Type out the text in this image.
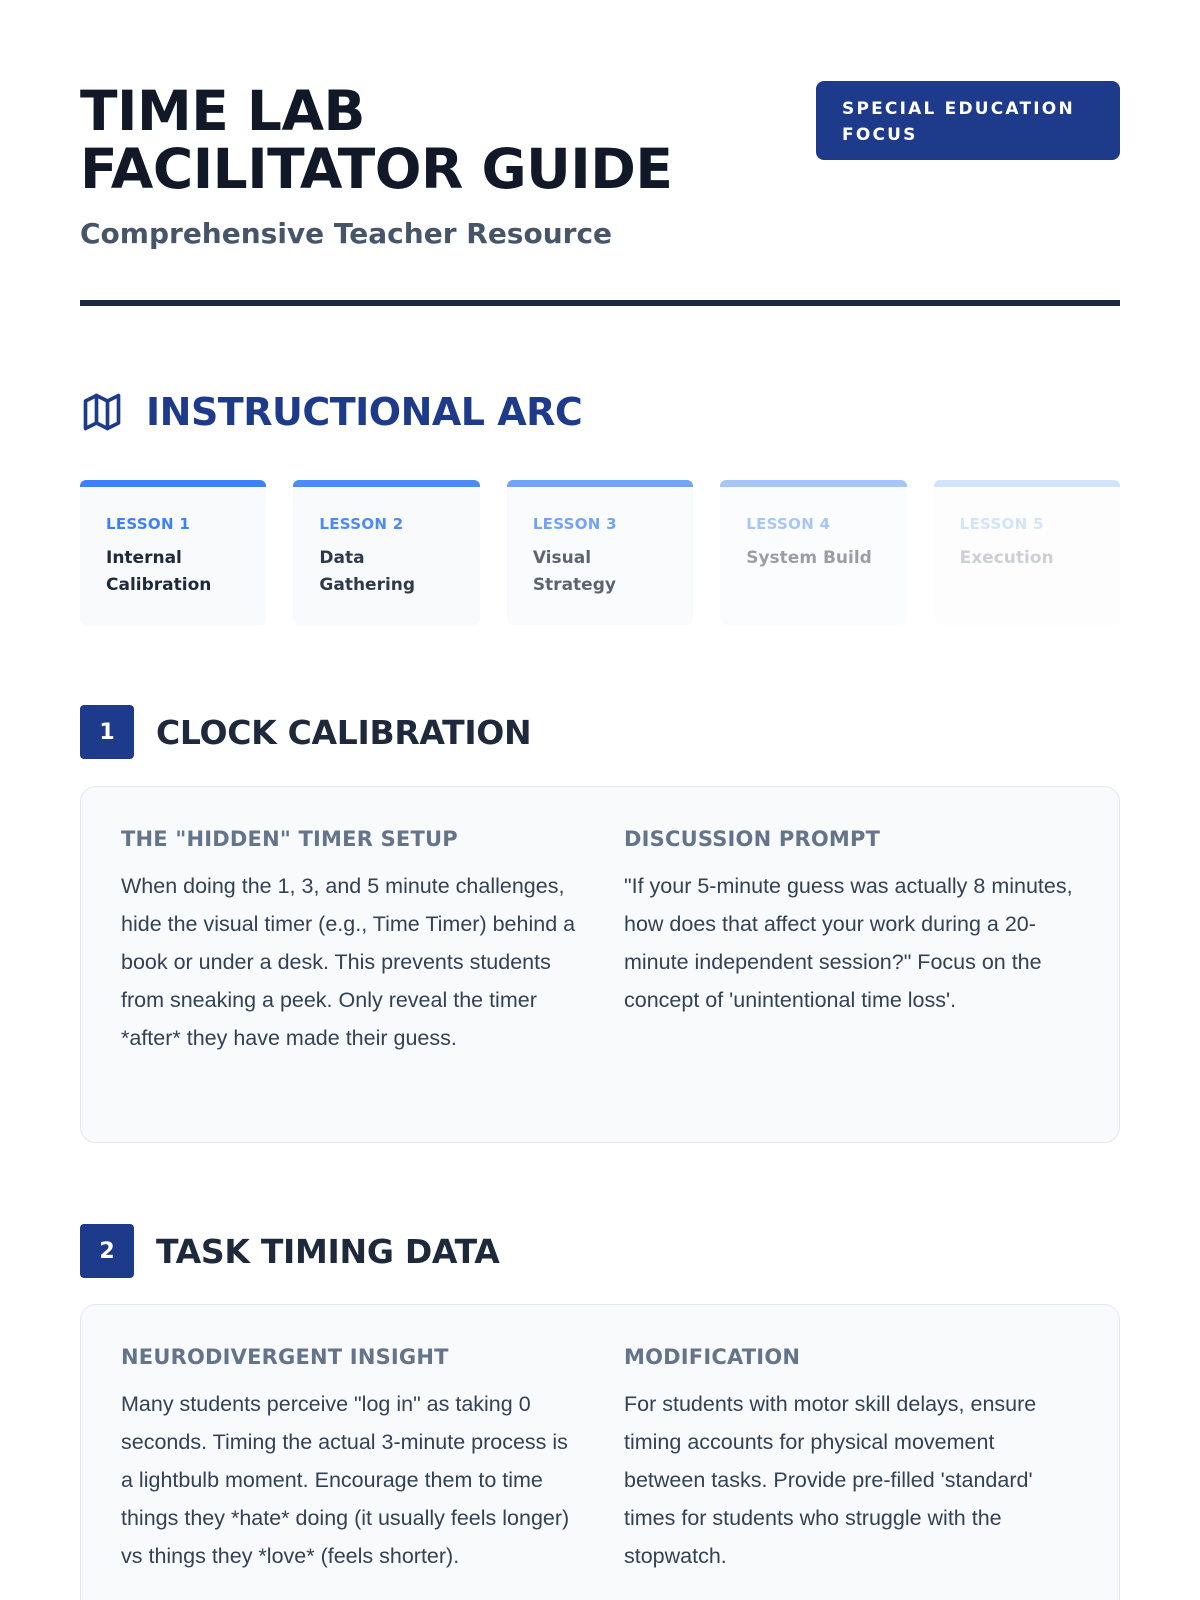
TIME LAB
FACILITATOR GUIDE
Comprehensive Teacher Resource
SPECIAL EDUCATION
FOCUS
INSTRUCTIONAL ARC
LESSON 1
Internal
Calibration
LESSON 2
Data
Gathering
LESSON 3
Visual
Strategy
LESSON 4
System Build
LESSON 5
Execution
1	CLOCK CALIBRATION
THE "HIDDEN" TIMER SETUP

When doing the 1, 3, and 5 minute challenges, hide the visual timer (e.g., Time Timer) behind a book or under a desk. This prevents students from sneaking a peek. Only reveal the timer *after* they have made their guess.

DISCUSSION PROMPT

"If your 5-minute guess was actually 8 minutes, how does that affect your work during a 20-minute independent session?" Focus on the concept of 'unintentional time loss'.

2	TASK TIMING DATA
NEURODIVERGENT INSIGHT

Many students perceive "log in" as taking 0 seconds. Timing the actual 3-minute process is a lightbulb moment. Encourage them to time things they *hate* doing (it usually feels longer) vs things they *love* (feels shorter).

MODIFICATION

For students with motor skill delays, ensure timing accounts for physical movement between tasks. Provide pre-filled 'standard' times for students who struggle with the stopwatch.
